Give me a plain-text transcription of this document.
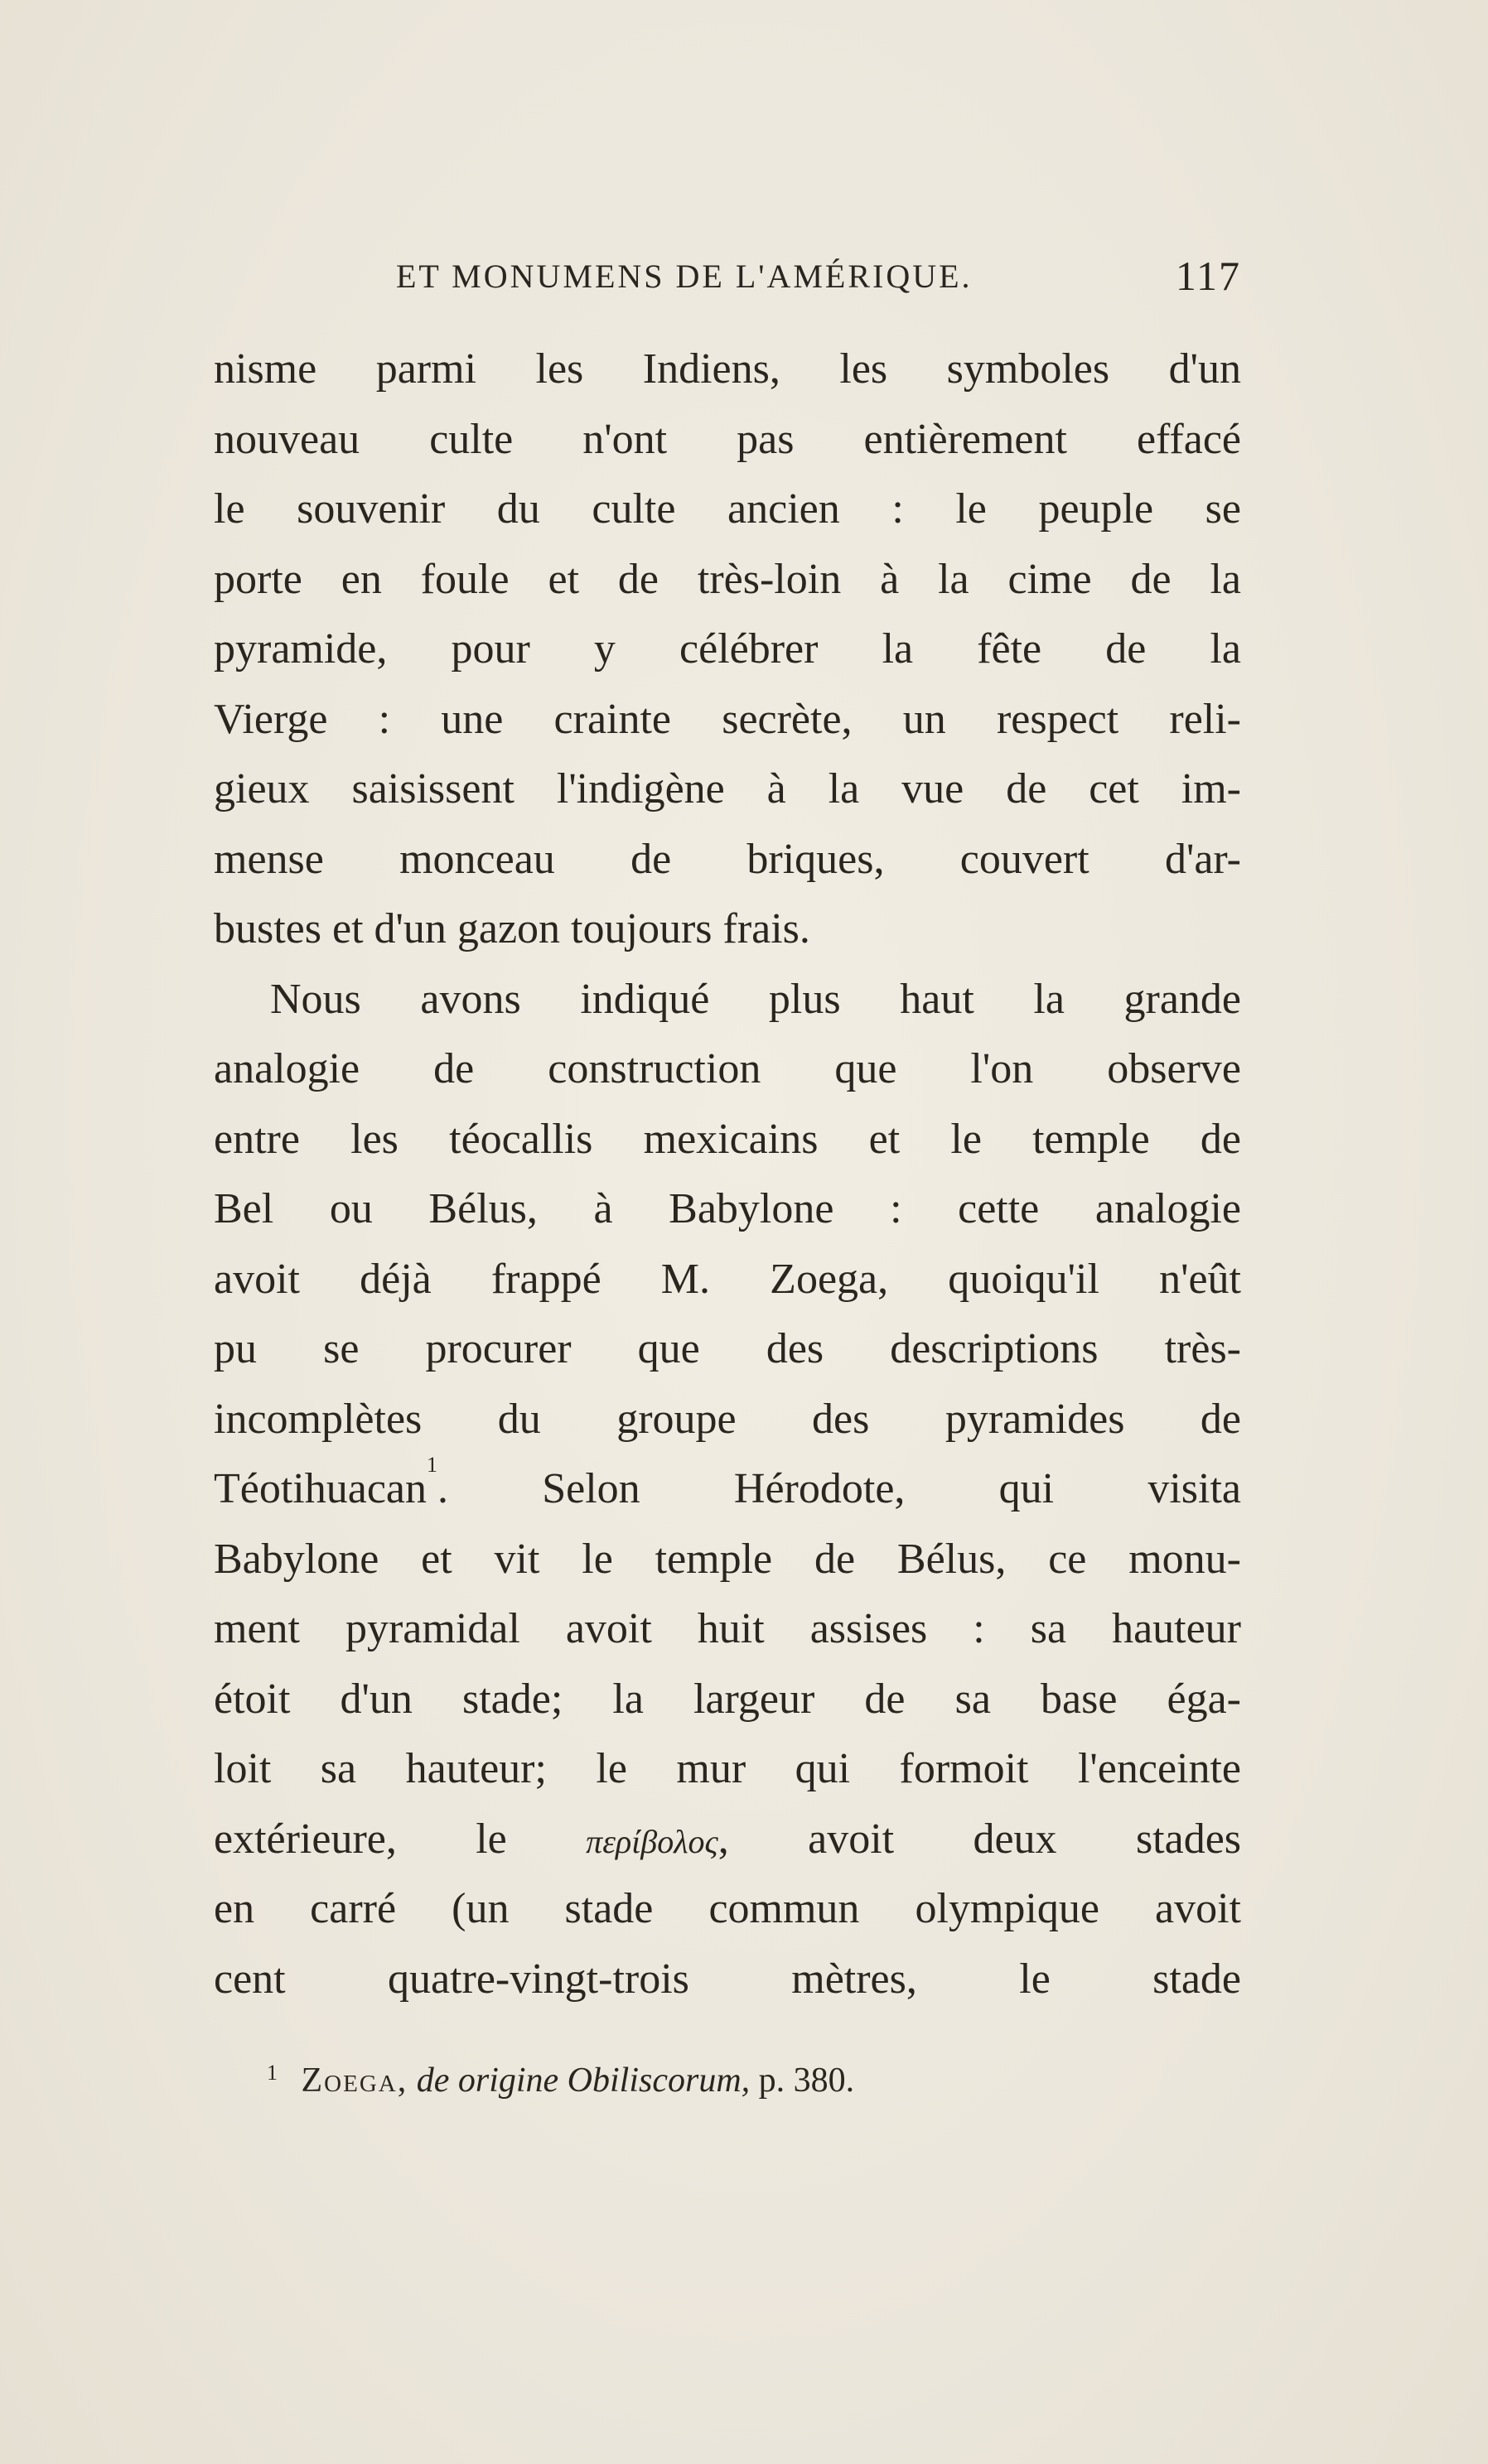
ET MONUMENS DE L'AMÉRIQUE.	117
nisme parmi les Indiens, les symboles d'un
nouveau culte n'ont pas entièrement effacé
le souvenir du culte ancien : le peuple se
porte en foule et de très-loin à la cime de la
pyramide, pour y célébrer la fête de la
Vierge : une crainte secrète, un respect reli-
gieux saisissent l'indigène à la vue de cet im-
mense monceau de briques, couvert d'ar-
bustes et d'un gazon toujours frais.
Nous avons indiqué plus haut la grande
analogie de construction que l'on observe
entre les téocallis mexicains et le temple de
Bel ou Bélus, à Babylone : cette analogie
avoit déjà frappé M. Zoega, quoiqu'il n'eût
pu se procurer que des descriptions très-
incomplètes du groupe des pyramides de
Téotihuacan$^1$. Selon Hérodote, qui visita
Babylone et vit le temple de Bélus, ce monu-
ment pyramidal avoit huit assises : sa hauteur
étoit d'un stade; la largeur de sa base éga-
loit sa hauteur; le mur qui formoit l'enceinte
extérieure, le περίβολος, avoit deux stades
en carré (un stade commun olympique avoit
cent quatre-vingt-trois mètres, le stade
$^1$ Zoega, de origine Obiliscorum, p. 380.
